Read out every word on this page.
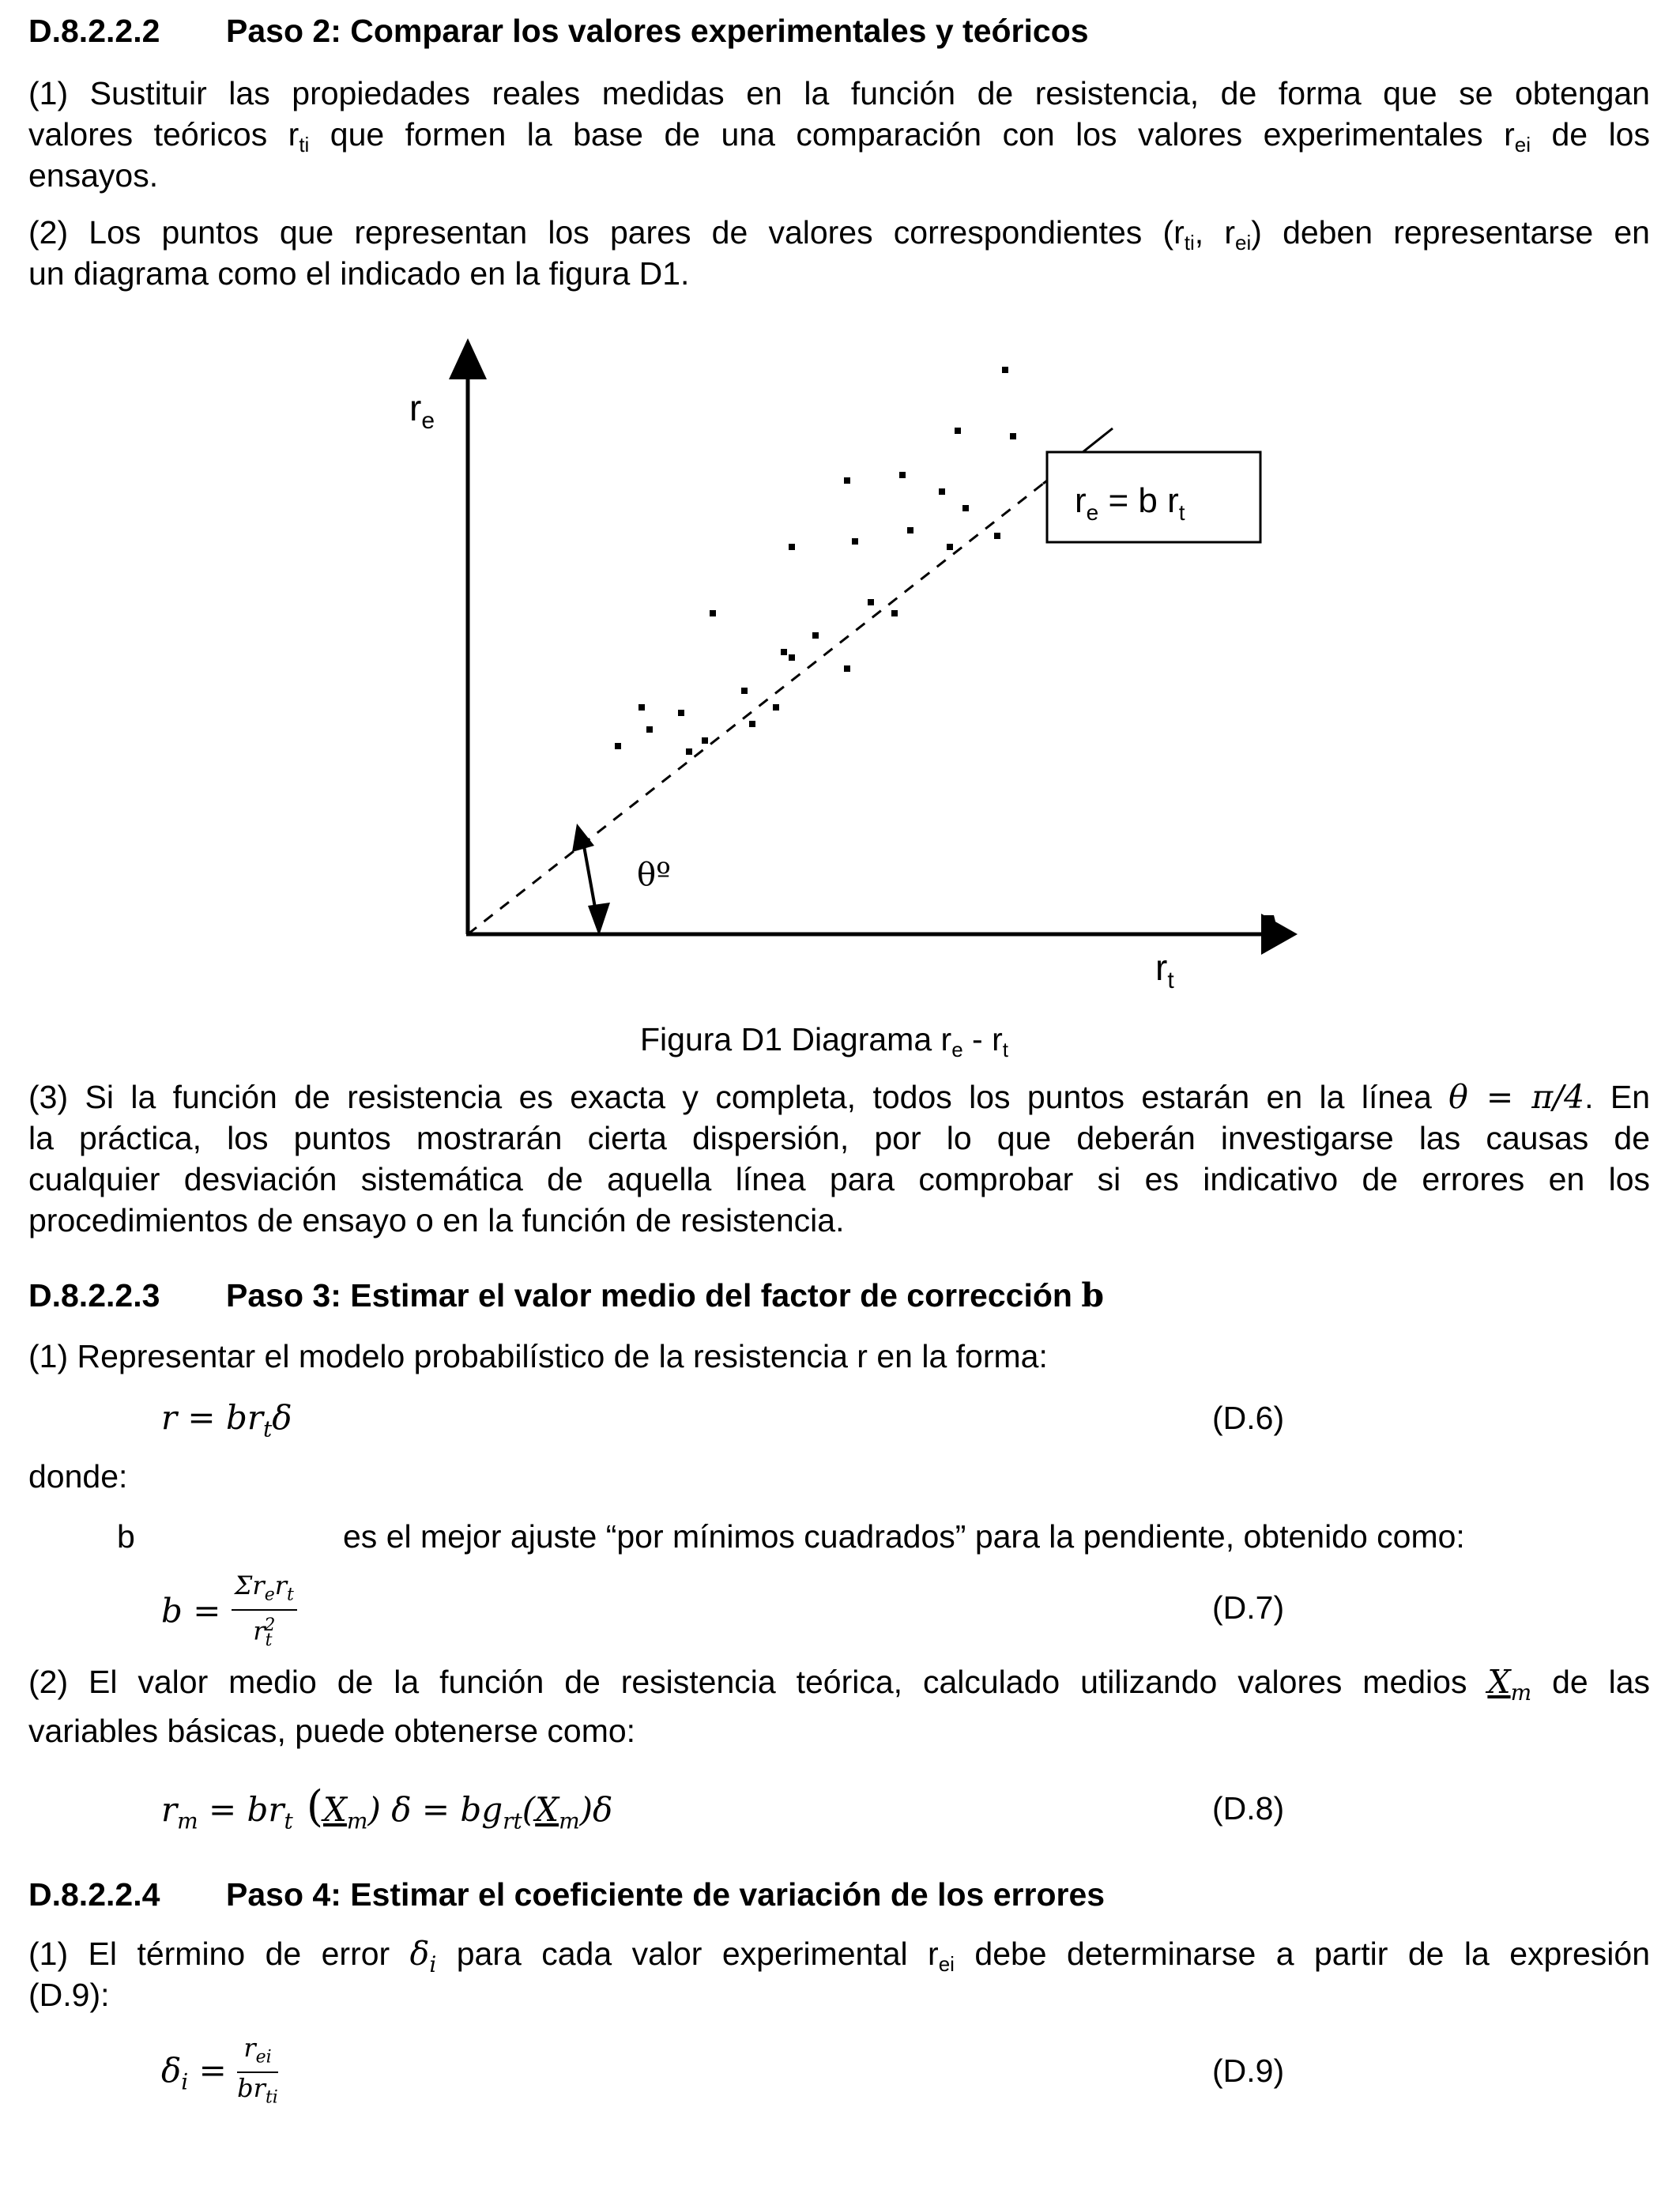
D.8.2.2.2 Paso 2: Comparar los valores experimentales y teóricos
(1) Sustituir las propiedades reales medidas en la función de resistencia, de forma que se obtengan
valores teóricos $r_{ti}$ que formen la base de una comparación con los valores experimentales $r_{ei}$ de los
ensayos.
(2) Los puntos que representan los pares de valores correspondientes ($r_{ti}$, $r_{ei}$) deben representarse en
un diagrama como el indicado en la figura D1.
$r_e = b$ $r_t$
$r_e$
$r_t$
θº
Figura D1 Diagrama $r_e - r_t$
(3) Si la función de resistencia es exacta y completa, todos los puntos estarán en la línea θ = π/4. En
la práctica, los puntos mostrarán cierta dispersión, por lo que deberán investigarse las causas de
cualquier desviación sistemática de aquella línea para comprobar si es indicativo de errores en los
procedimientos de ensayo o en la función de resistencia.
D.8.2.2.3 Paso 3: Estimar el valor medio del factor de corrección b
(1) Representar el modelo probabilístico de la resistencia r en la forma:
$r = br_t\delta$	(D.6)
donde:
b	es el mejor ajuste “por mínimos cuadrados” para la pendiente, obtenido como:
$b = \frac{\Sigma r_er_t}{r_t^2}$	(D.7)
(2) El valor medio de la función de resistencia teórica, calculado utilizando valores medios $X_m$ de las
variables básicas, puede obtenerse como:
$r_m = br_t$ $(X_m) \delta = bg_{rt}(X_m)\delta$	(D.8)
D.8.2.2.4 Paso 4: Estimar el coeficiente de variación de los errores
(1) El término de error $\delta_i$ para cada valor experimental $r_{ei}$ debe determinarse a partir de la expresión
(D.9):
$\delta_i = \frac{r_{ei}}{br_{ti}}$	(D.9)
